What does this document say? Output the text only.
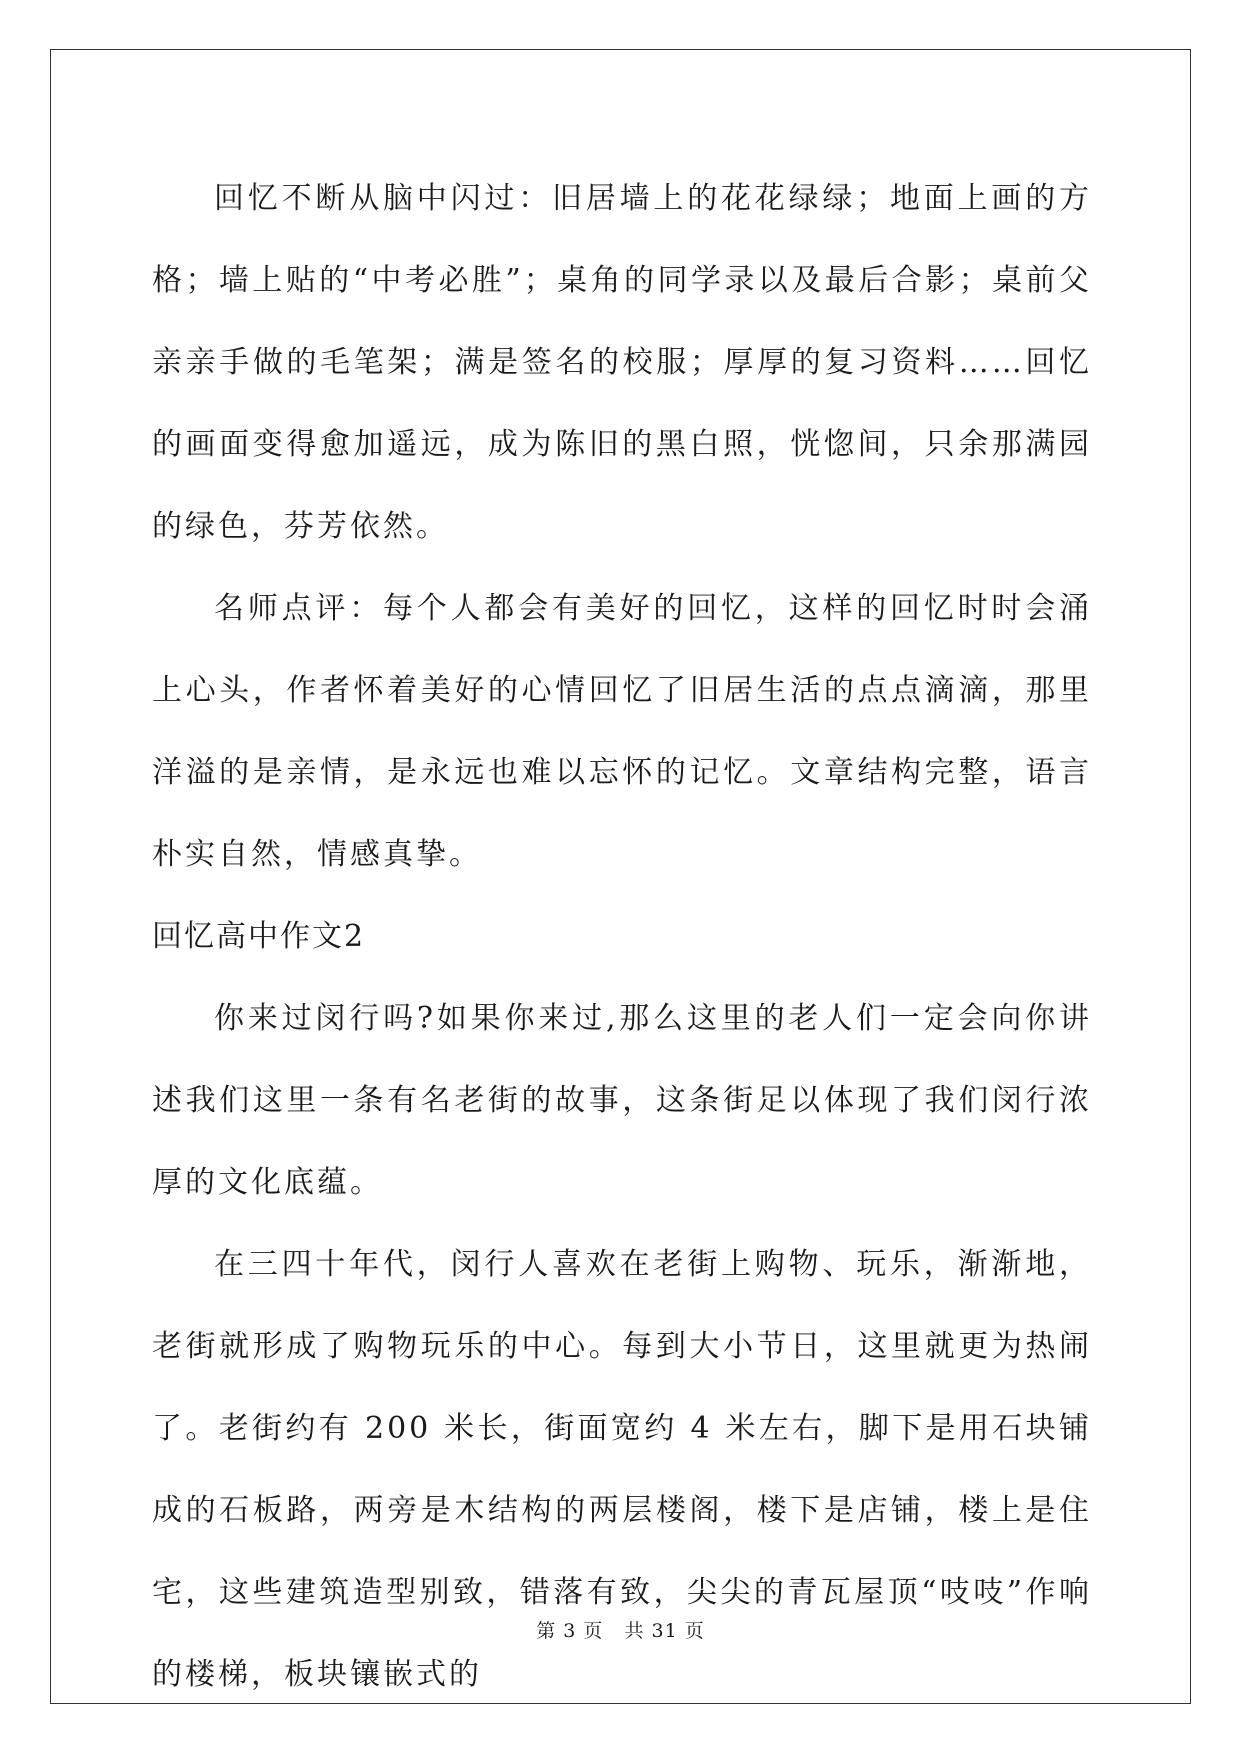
回忆不断从脑中闪过：旧居墙上的花花绿绿；地面上画的方格；墙上贴的“中考必胜”；桌角的同学录以及最后合影；桌前父亲亲手做的毛笔架；满是签名的校服；厚厚的复习资料……回忆的画面变得愈加遥远，成为陈旧的黑白照，恍惚间，只余那满园的绿色，芬芳依然。

名师点评：每个人都会有美好的回忆，这样的回忆时时会涌上心头，作者怀着美好的心情回忆了旧居生活的点点滴滴，那里洋溢的是亲情，是永远也难以忘怀的记忆。文章结构完整，语言朴实自然，情感真挚。

回忆高中作文2

你来过闵行吗?如果你来过,那么这里的老人们一定会向你讲述我们这里一条有名老街的故事，这条街足以体现了我们闵行浓厚的文化底蕴。

在三四十年代，闵行人喜欢在老街上购物、玩乐，渐渐地，老街就形成了购物玩乐的中心。每到大小节日，这里就更为热闹了。老街约有 200 米长，街面宽约 4 米左右，脚下是用石块铺成的石板路，两旁是木结构的两层楼阁，楼下是店铺，楼上是住宅，这些建筑造型别致，错落有致，尖尖的青瓦屋顶“吱吱”作响的楼梯，板块镶嵌式的

第 3 页 共 31 页
